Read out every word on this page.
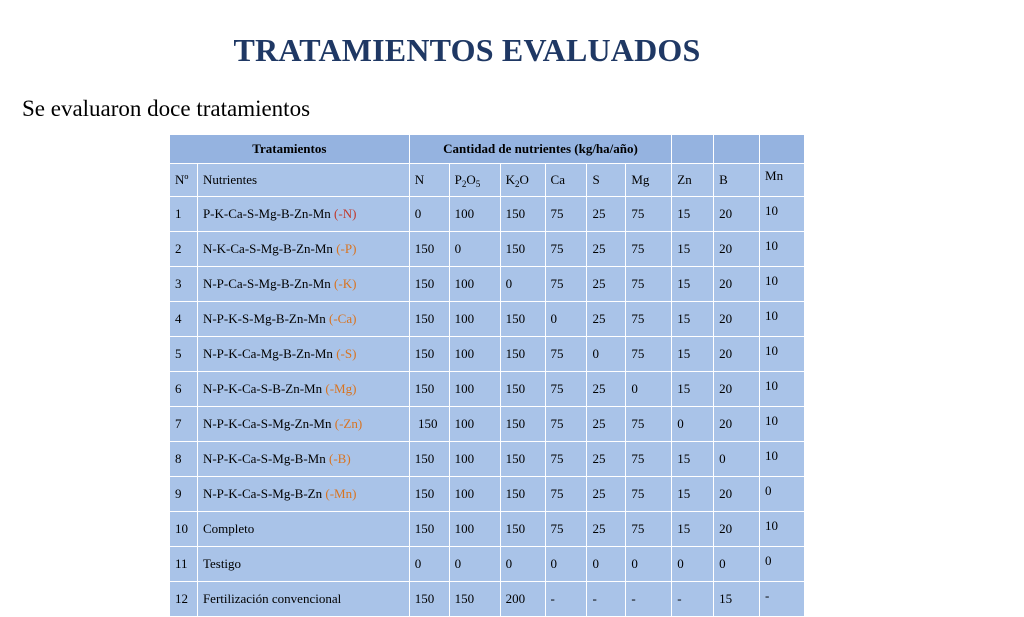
TRATAMIENTOS EVALUADOS
Se evaluaron doce tratamientos
Tratamientos		Cantidad de nutrientes (kg/ha/año)								
Nº	Nutrientes	N	$P_2O_5$	$K_2O$	Ca	S	Mg	Zn	B	Mn
1	P-K-Ca-S-Mg-B-Zn-Mn (-N)	0	100	150	75	25	75	15	20	10
2	N-K-Ca-S-Mg-B-Zn-Mn (-P)	150	0	150	75	25	75	15	20	10
3	N-P-Ca-S-Mg-B-Zn-Mn (-K)	150	100	0	75	25	75	15	20	10
4	N-P-K-S-Mg-B-Zn-Mn (-Ca)	150	100	150	0	25	75	15	20	10
5	N-P-K-Ca-Mg-B-Zn-Mn (-S)	150	100	150	75	0	75	15	20	10
6	N-P-K-Ca-S-B-Zn-Mn (-Mg)	150	100	150	75	25	0	15	20	10
7	N-P-K-Ca-S-Mg-Zn-Mn (-Zn)	150	100	150	75	25	75	0	20	10
8	N-P-K-Ca-S-Mg-B-Mn (-B)	150	100	150	75	25	75	15	0	10
9	N-P-K-Ca-S-Mg-B-Zn (-Mn)	150	100	150	75	25	75	15	20	0
10	Completo	150	100	150	75	25	75	15	20	10
11	Testigo	0	0	0	0	0	0	0	0	0
12	Fertilización convencional	150	150	200	-	-	-	-	15	-
